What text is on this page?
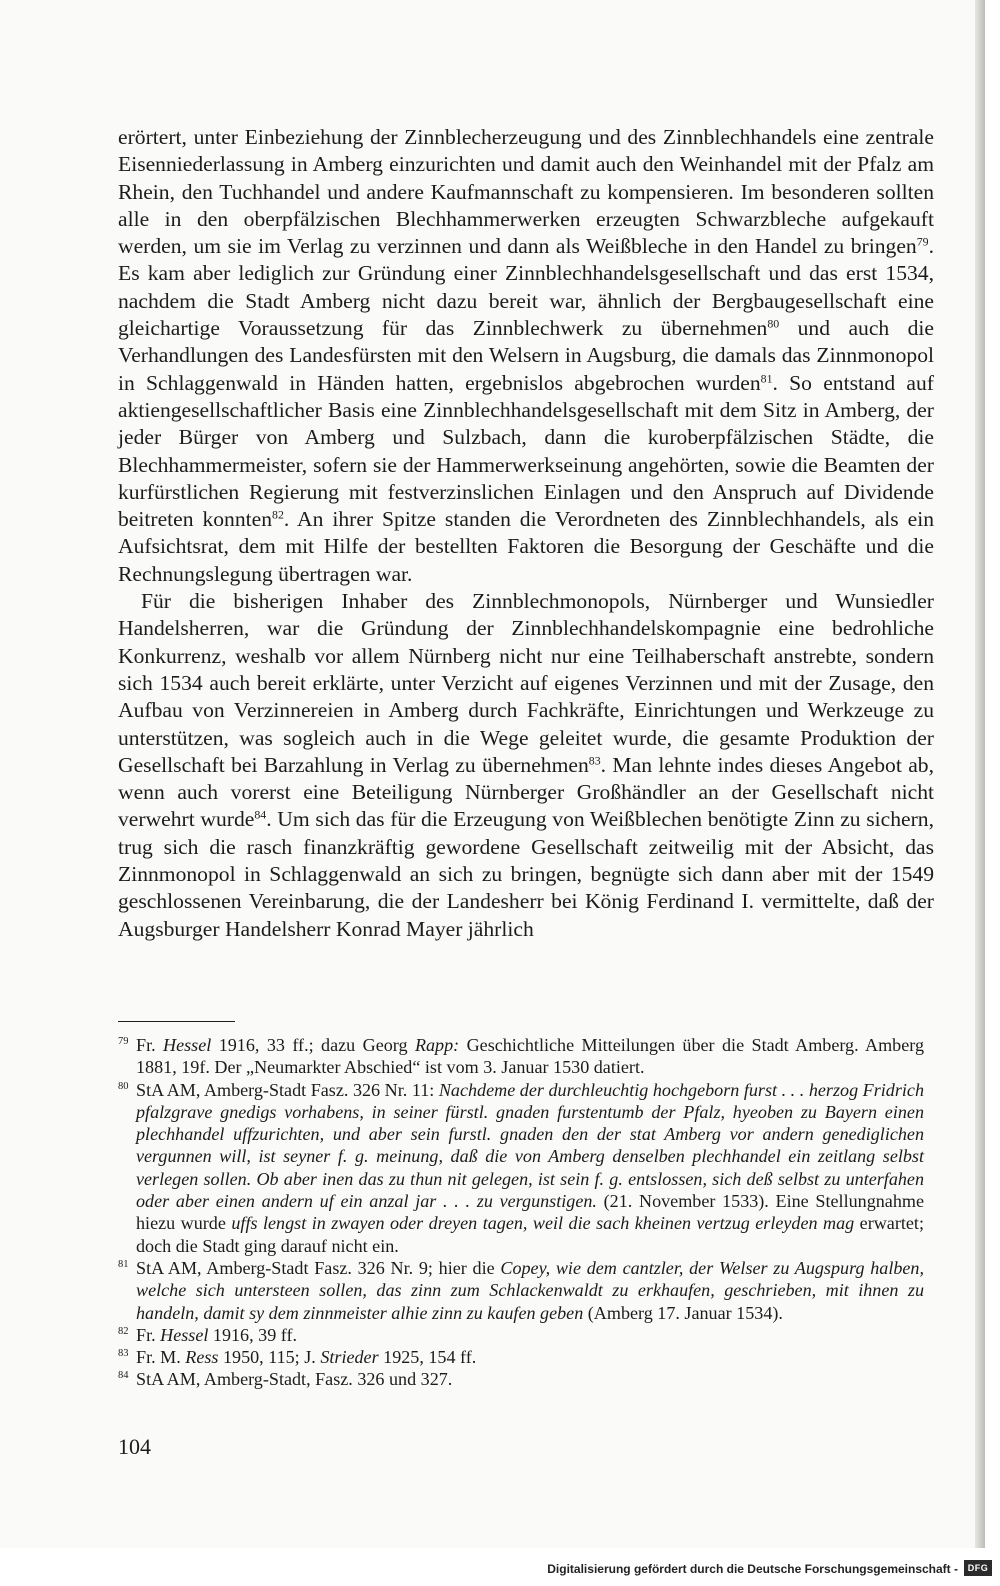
erörtert, unter Einbeziehung der Zinnblecherzeugung und des Zinnblechhandels eine zentrale Eisenniederlassung in Amberg einzurichten und damit auch den Weinhandel mit der Pfalz am Rhein, den Tuchhandel und andere Kaufmannschaft zu kompensieren. Im besonderen sollten alle in den oberpfälzischen Blechhammerwerken erzeugten Schwarzbleche aufgekauft werden, um sie im Verlag zu verzinnen und dann als Weißbleche in den Handel zu bringen$^{79}$. Es kam aber lediglich zur Gründung einer Zinnblechhandelsgesellschaft und das erst 1534, nachdem die Stadt Amberg nicht dazu bereit war, ähnlich der Bergbaugesellschaft eine gleichartige Voraussetzung für das Zinnblechwerk zu übernehmen$^{80}$ und auch die Verhandlungen des Landesfürsten mit den Welsern in Augsburg, die damals das Zinnmonopol in Schlaggenwald in Händen hatten, ergebnislos abgebrochen wurden$^{81}$. So entstand auf aktiengesellschaftlicher Basis eine Zinnblechhandelsgesellschaft mit dem Sitz in Amberg, der jeder Bürger von Amberg und Sulzbach, dann die kuroberpfälzischen Städte, die Blechhammermeister, sofern sie der Hammerwerkseinung angehörten, sowie die Beamten der kurfürstlichen Regierung mit festverzinslichen Einlagen und den Anspruch auf Dividende beitreten konnten$^{82}$. An ihrer Spitze standen die Verordneten des Zinnblechhandels, als ein Aufsichtsrat, dem mit Hilfe der bestellten Faktoren die Besorgung der Geschäfte und die Rechnungslegung übertragen war.

Für die bisherigen Inhaber des Zinnblechmonopols, Nürnberger und Wunsiedler Handelsherren, war die Gründung der Zinnblechhandelskompagnie eine bedrohliche Konkurrenz, weshalb vor allem Nürnberg nicht nur eine Teilhaberschaft anstrebte, sondern sich 1534 auch bereit erklärte, unter Verzicht auf eigenes Verzinnen und mit der Zusage, den Aufbau von Verzinnereien in Amberg durch Fachkräfte, Einrichtungen und Werkzeuge zu unterstützen, was sogleich auch in die Wege geleitet wurde, die gesamte Produktion der Gesellschaft bei Barzahlung in Verlag zu übernehmen$^{83}$. Man lehnte indes dieses Angebot ab, wenn auch vorerst eine Beteiligung Nürnberger Großhändler an der Gesellschaft nicht verwehrt wurde$^{84}$. Um sich das für die Erzeugung von Weißblechen benötigte Zinn zu sichern, trug sich die rasch finanzkräftig gewordene Gesellschaft zeitweilig mit der Absicht, das Zinnmonopol in Schlaggenwald an sich zu bringen, begnügte sich dann aber mit der 1549 geschlossenen Vereinbarung, die der Landesherr bei König Ferdinand I. vermittelte, daß der Augsburger Handelsherr Konrad Mayer jährlich

79 Fr. Hessel 1916, 33 ff.; dazu Georg Rapp: Geschichtliche Mitteilungen über die Stadt Amberg. Amberg 1881, 19f. Der „Neumarkter Abschied“ ist vom 3. Januar 1530 datiert.
80 StA AM, Amberg-Stadt Fasz. 326 Nr. 11: Nachdeme der durchleuchtig hochgeborn furst . . . herzog Fridrich pfalzgrave gnedigs vorhabens, in seiner fürstl. gnaden furstentumb der Pfalz, hyeoben zu Bayern einen plechhandel uffzurichten, und aber sein furstl. gnaden den der stat Amberg vor andern genediglichen vergunnen will, ist seyner f. g. meinung, daß die von Amberg denselben plechhandel ein zeitlang selbst verlegen sollen. Ob aber inen das zu thun nit gelegen, ist sein f. g. entslossen, sich deß selbst zu unterfahen oder aber einen andern uf ein anzal jar . . . zu vergunstigen. (21. November 1533). Eine Stellungnahme hiezu wurde uffs lengst in zwayen oder dreyen tagen, weil die sach kheinen vertzug erleyden mag erwartet; doch die Stadt ging darauf nicht ein.
81 StA AM, Amberg-Stadt Fasz. 326 Nr. 9; hier die Copey, wie dem cantzler, der Welser zu Augspurg halben, welche sich untersteen sollen, das zinn zum Schlackenwaldt zu erkhaufen, geschrieben, mit ihnen zu handeln, damit sy dem zinnmeister alhie zinn zu kaufen geben (Amberg 17. Januar 1534).
82 Fr. Hessel 1916, 39 ff.
83 Fr. M. Ress 1950, 115; J. Strieder 1925, 154 ff.
84 StA AM, Amberg-Stadt, Fasz. 326 und 327.
104
Digitalisierung gefördert durch die Deutsche Forschungsgemeinschaft -	DFG
